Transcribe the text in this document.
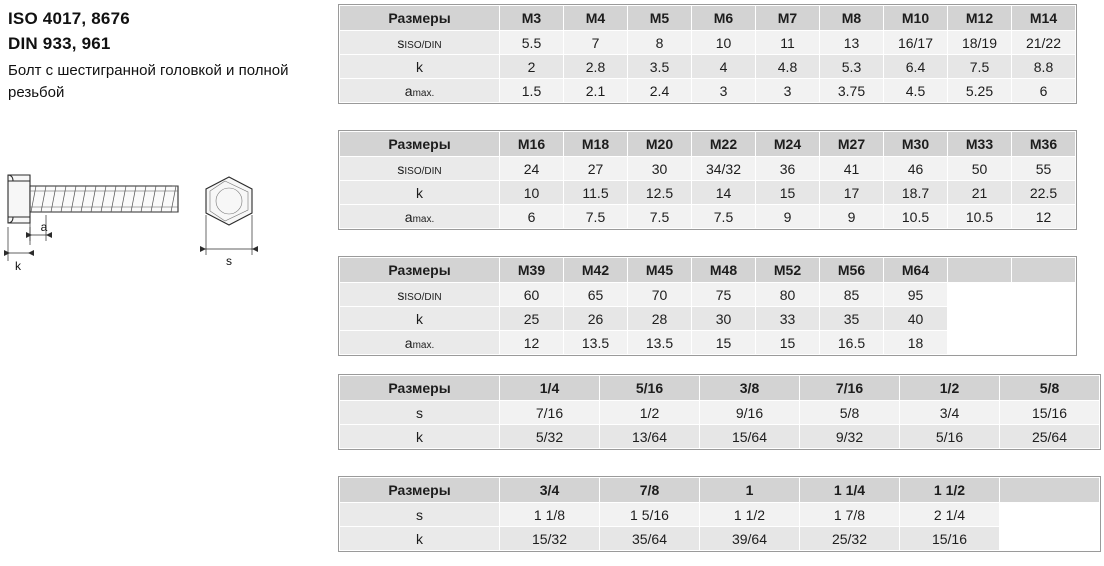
ISO 4017, 8676
DIN 933, 961
Болт с шестигранной головкой и полной резьбой
k
a
s
Размеры	M3	M4	M5	M6	M7	M8	M10	M12	M14
sISO/DIN	5.5	7	8	10	11	13	16/17	18/19	21/22
k	2	2.8	3.5	4	4.8	5.3	6.4	7.5	8.8
amax.	1.5	2.1	2.4	3	3	3.75	4.5	5.25	6
Размеры	M16	M18	M20	M22	M24	M27	M30	M33	M36
sISO/DIN	24	27	30	34/32	36	41	46	50	55
k	10	11.5	12.5	14	15	17	18.7	21	22.5
amax.	6	7.5	7.5	7.5	9	9	10.5	10.5	12
Размеры	M39	M42	M45	M48	M52	M56	M64		
sISO/DIN	60	65	70	75	80	85	95		
k	25	26	28	30	33	35	40		
amax.	12	13.5	13.5	15	15	16.5	18		
Размеры	1/4	5/16	3/8	7/16	1/2	5/8
s	7/16	1/2	9/16	5/8	3/4	15/16
k	5/32	13/64	15/64	9/32	5/16	25/64
Размеры	3/4	7/8	1	1 1/4	1 1/2	
s	1 1/8	1 5/16	1 1/2	1 7/8	2 1/4	
k	15/32	35/64	39/64	25/32	15/16	
